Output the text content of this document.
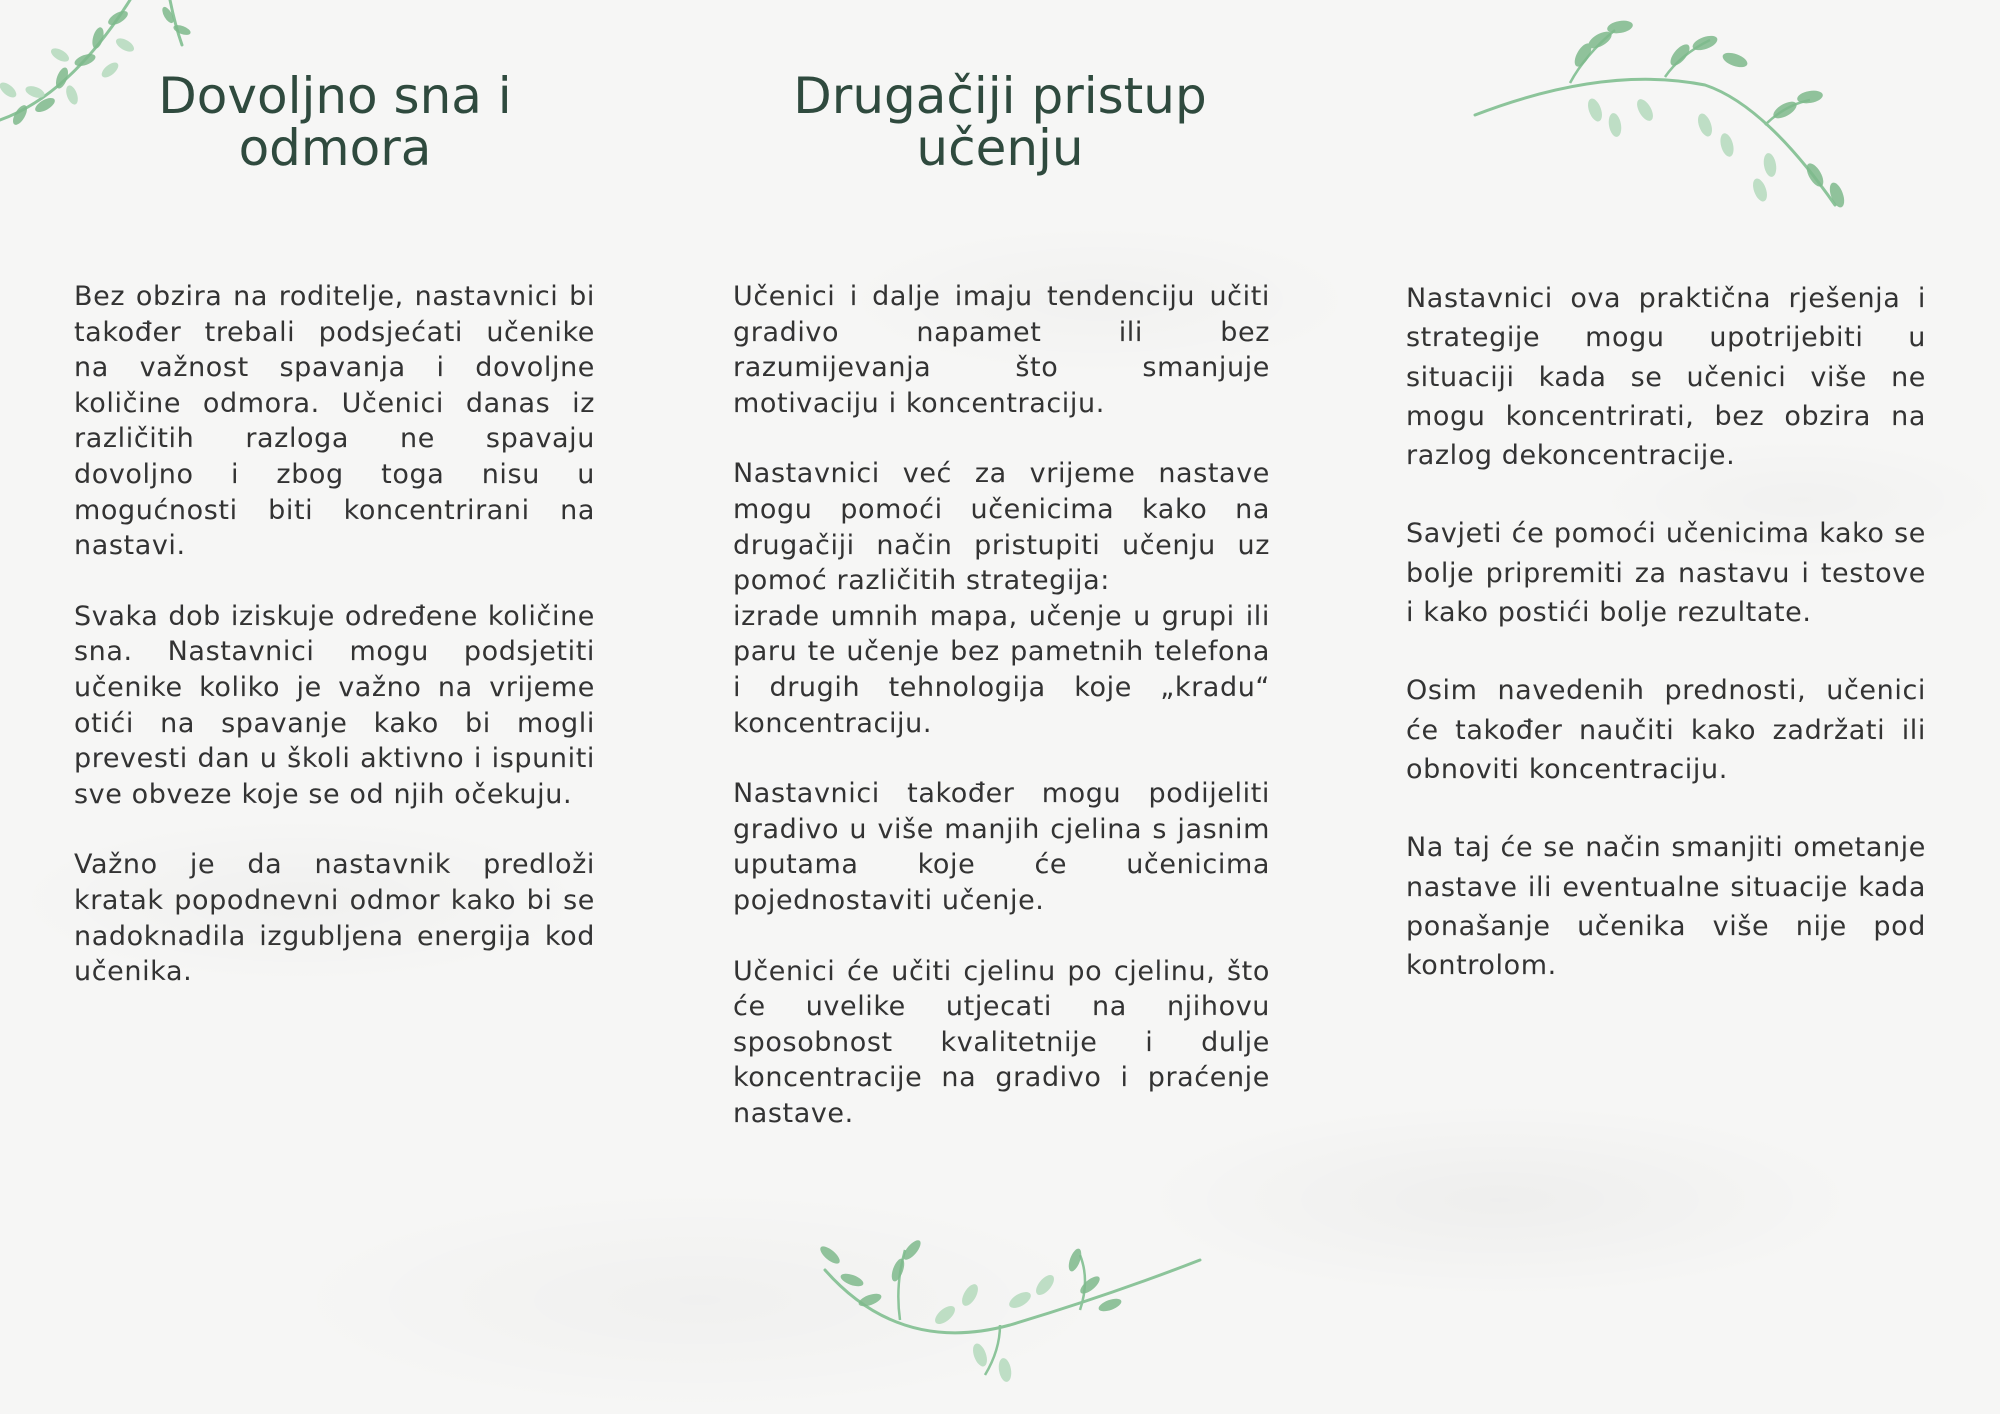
Dovoljno sna i
odmora
Drugačiji pristup
učenju

Bez obzira na roditelje, nastavnici bi također trebali podsjećati učenike na važnost spavanja i dovoljne količine odmora. Učenici danas iz različitih razloga ne spavaju dovoljno i zbog toga nisu u mogućnosti biti koncentrirani na nastavi.

Svaka dob iziskuje određene količine sna. Nastavnici mogu podsjetiti učenike koliko je važno na vrijeme otići na spavanje kako bi mogli prevesti dan u školi aktivno i ispuniti sve obveze koje se od njih očekuju.

Važno je da nastavnik predloži kratak popodnevni odmor kako bi se nadoknadila izgubljena energija kod učenika.

Učenici i dalje imaju tendenciju učiti gradivo napamet ili bez razumijevanja što smanjuje motivaciju i koncentraciju.

Nastavnici već za vrijeme nastave mogu pomoći učenicima kako na drugačiji način pristupiti učenju uz pomoć različitih strategija:

izrade umnih mapa, učenje u grupi ili paru te učenje bez pametnih telefona i drugih tehnologija koje „kradu“ koncentraciju.

Nastavnici također mogu podijeliti gradivo u više manjih cjelina s jasnim uputama koje će učenicima pojednostaviti učenje.

Učenici će učiti cjelinu po cjelinu, što će uvelike utjecati na njihovu sposobnost kvalitetnije i dulje koncentracije na gradivo i praćenje nastave.

Nastavnici ova praktična rješenja i strategije mogu upotrijebiti u situaciji kada se učenici više ne mogu koncentrirati, bez obzira na razlog dekoncentracije.

Savjeti će pomoći učenicima kako se bolje pripremiti za nastavu i testove i kako postići bolje rezultate.

Osim navedenih prednosti, učenici će također naučiti kako zadržati ili obnoviti koncentraciju.

Na taj će se način smanjiti ometanje nastave ili eventualne situacije kada ponašanje učenika više nije pod kontrolom.
